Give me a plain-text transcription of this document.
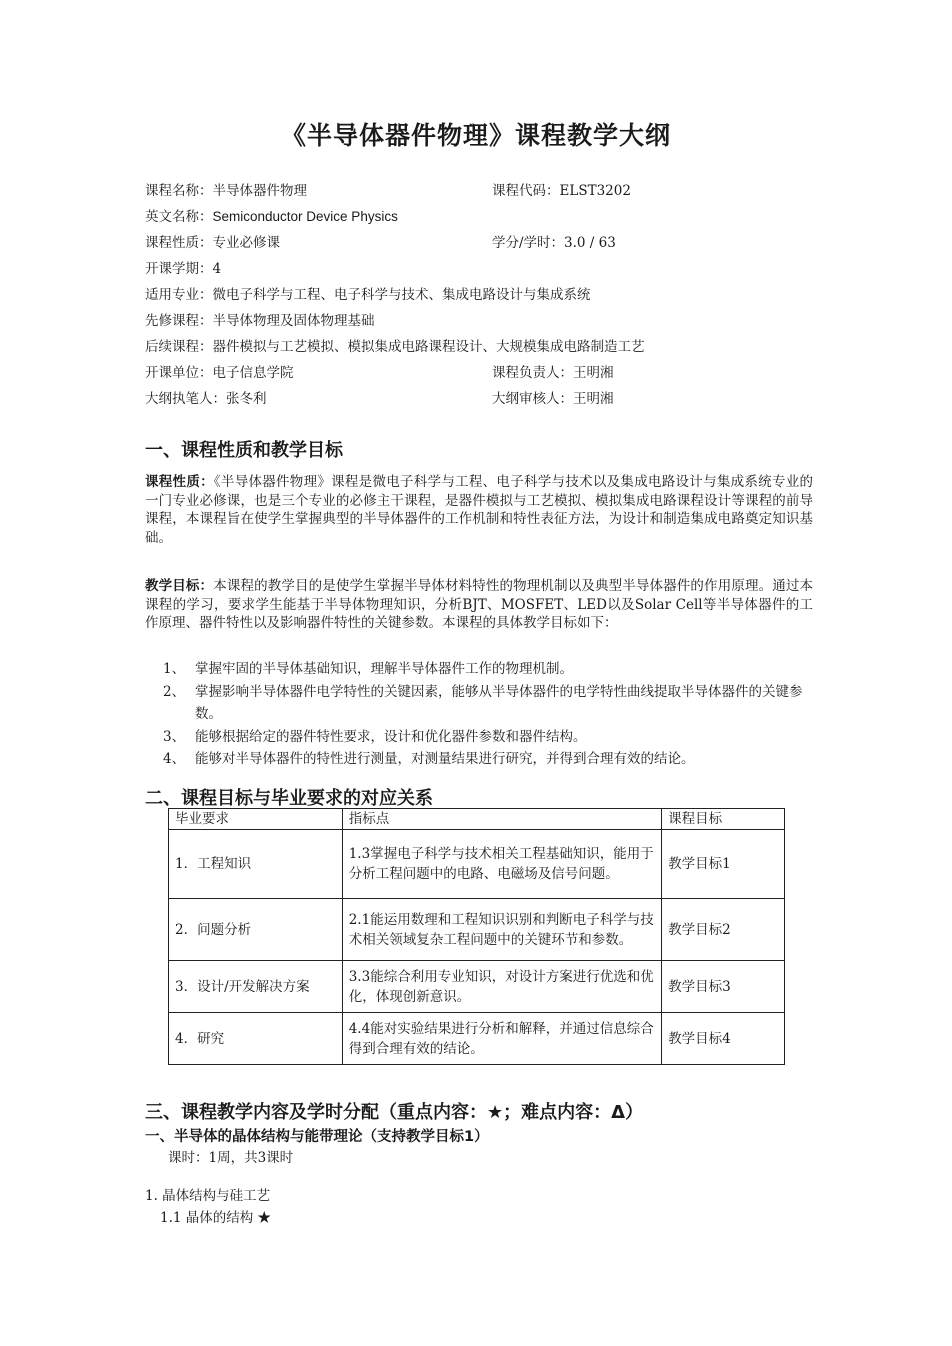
《半导体器件物理》课程教学大纲
课程名称：半导体器件物理	课程代码：ELST3202
英文名称：Semiconductor Device Physics
课程性质：专业必修课	学分/学时：3.0 / 63
开课学期：4
适用专业：微电子科学与工程、电子科学与技术、集成电路设计与集成系统
先修课程：半导体物理及固体物理基础
后续课程：器件模拟与工艺模拟、模拟集成电路课程设计、大规模集成电路制造工艺
开课单位：电子信息学院	课程负责人：王明湘
大纲执笔人：张冬利	大纲审核人：王明湘
一、课程性质和教学目标
课程性质：《半导体器件物理》课程是微电子科学与工程、电子科学与技术以及集成电路设计与集成系统专业的一门专业必修课，也是三个专业的必修主干课程，是器件模拟与工艺模拟、模拟集成电路课程设计等课程的前导课程，本课程旨在使学生掌握典型的半导体器件的工作机制和特性表征方法，为设计和制造集成电路奠定知识基础。
教学目标：本课程的教学目的是使学生掌握半导体材料特性的物理机制以及典型半导体器件的作用原理。通过本课程的学习，要求学生能基于半导体物理知识，分析BJT、MOSFET、LED以及Solar Cell等半导体器件的工作原理、器件特性以及影响器件特性的关键参数。本课程的具体教学目标如下：
1、 掌握牢固的半导体基础知识，理解半导体器件工作的物理机制。
2、 掌握影响半导体器件电学特性的关键因素，能够从半导体器件的电学特性曲线提取半导体器件的关键参数。
3、 能够根据给定的器件特性要求，设计和优化器件参数和器件结构。
4、 能够对半导体器件的特性进行测量，对测量结果进行研究，并得到合理有效的结论。
二、课程目标与毕业要求的对应关系
毕业要求	指标点	课程目标
1．工程知识	1.3掌握电子科学与技术相关工程基础知识，能用于分析工程问题中的电路、电磁场及信号问题。	教学目标1
2．问题分析	2.1能运用数理和工程知识识别和判断电子科学与技术相关领域复杂工程问题中的关键环节和参数。	教学目标2
3．设计/开发解决方案	3.3能综合利用专业知识，对设计方案进行优选和优化，体现创新意识。	教学目标3
4．研究	4.4能对实验结果进行分析和解释，并通过信息综合得到合理有效的结论。	教学目标4
三、课程教学内容及学时分配（重点内容：★；难点内容：Δ）
一、半导体的晶体结构与能带理论（支持教学目标1）
课时：1周，共3课时
1. 晶体结构与硅工艺
1.1 晶体的结构 ★
